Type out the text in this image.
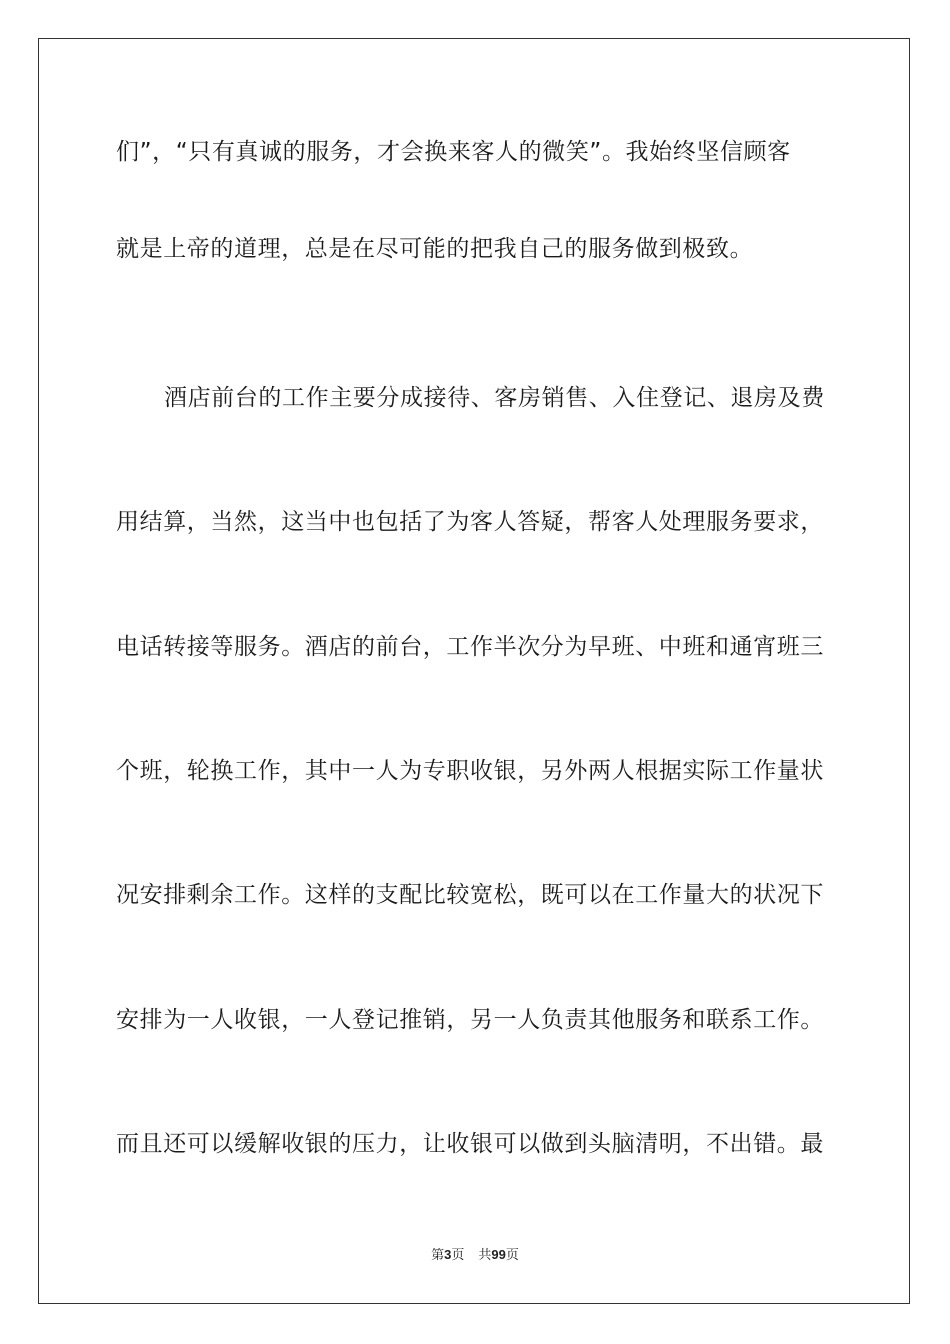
们”，“只有真诚的服务，才会换来客人的微笑”。我始终坚信顾客
就是上帝的道理，总是在尽可能的把我自己的服务做到极致。
酒店前台的工作主要分成接待、客房销售、入住登记、退房及费
用结算，当然，这当中也包括了为客人答疑，帮客人处理服务要求，
电话转接等服务。酒店的前台，工作半次分为早班、中班和通宵班三
个班，轮换工作，其中一人为专职收银，另外两人根据实际工作量状
况安排剩余工作。这样的支配比较宽松，既可以在工作量大的状况下
安排为一人收银，一人登记推销，另一人负责其他服务和联系工作。
而且还可以缓解收银的压力，让收银可以做到头脑清明，不出错。最
第3页 共99页
